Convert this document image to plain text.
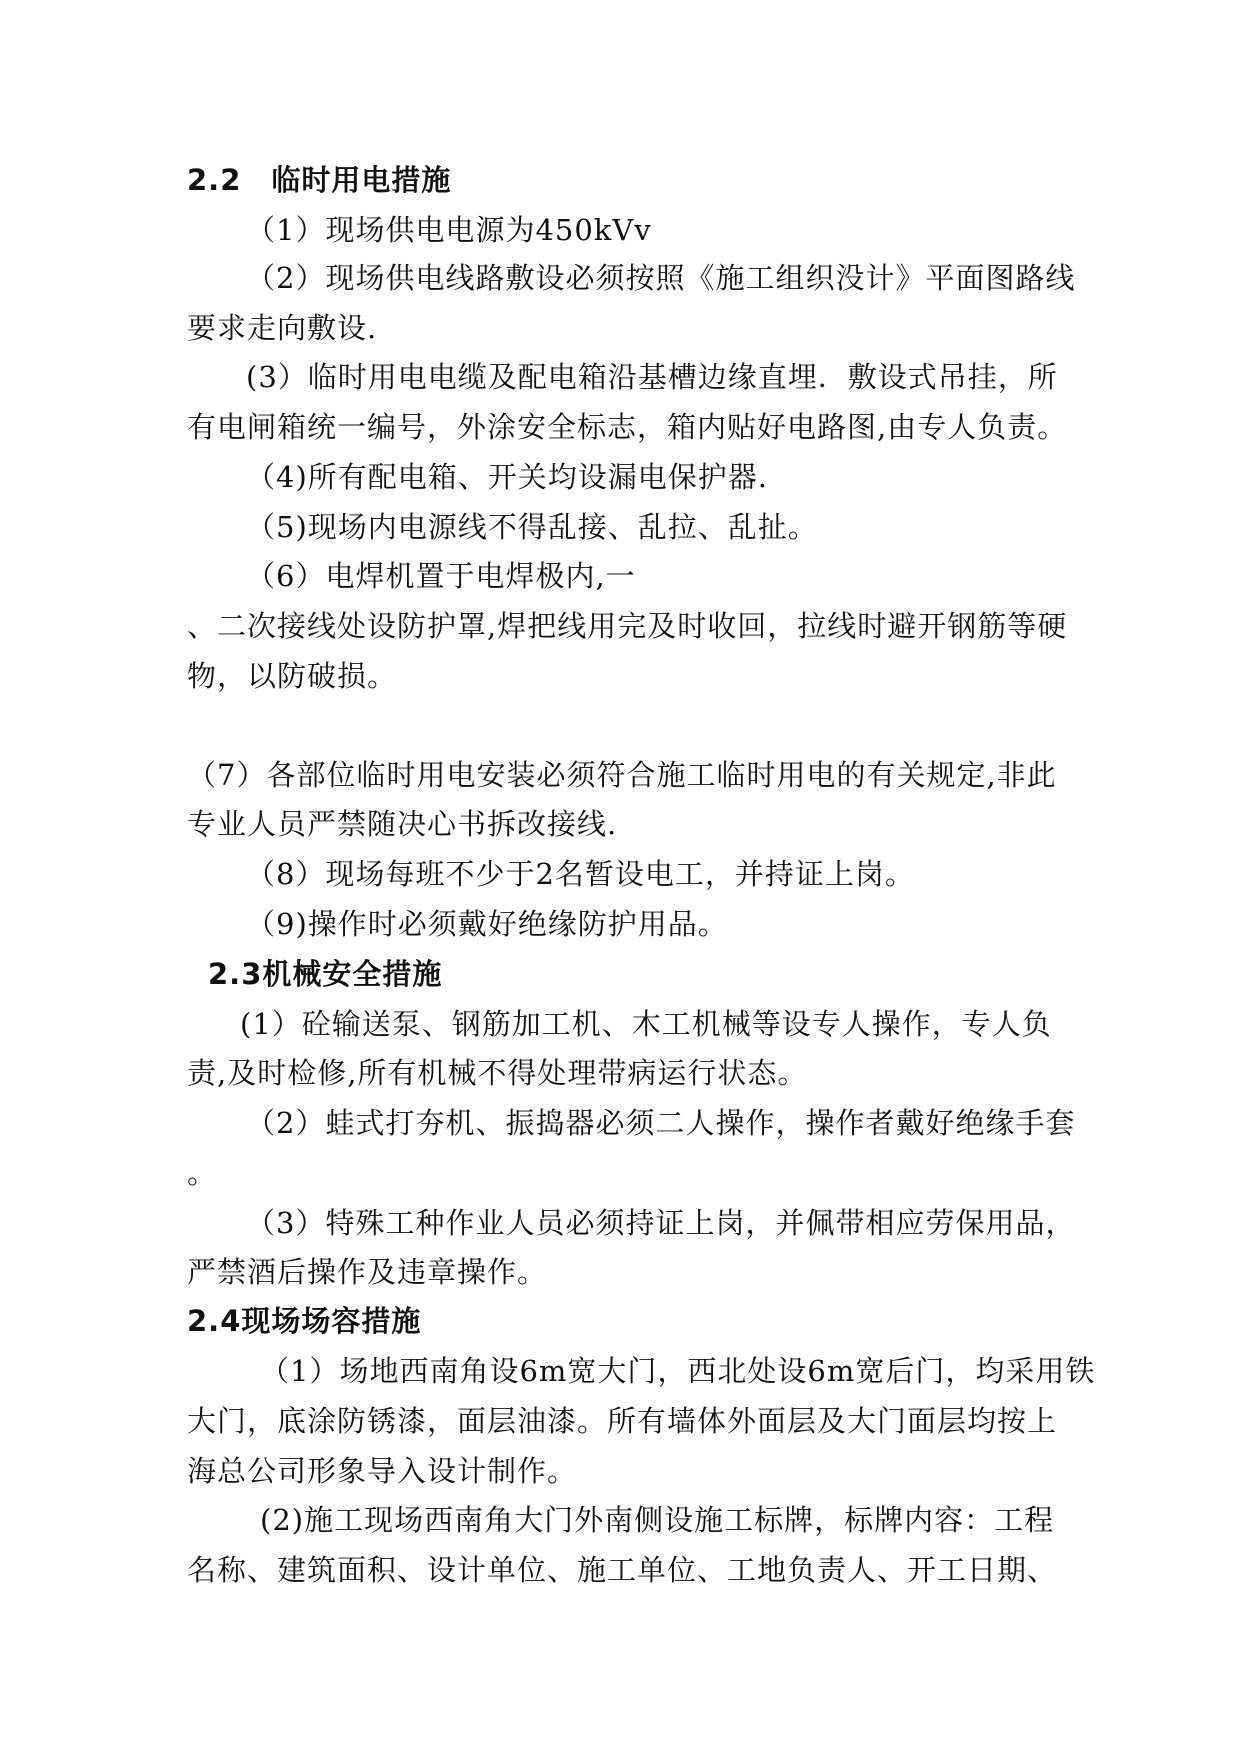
2.2　临时用电措施

（1）现场供电电源为450kVv

（2）现场供电线路敷设必须按照《施工组织没计》平面图路线

要求走向敷设.

(3）临时用电电缆及配电箱沿基槽边缘直埋．敷设式吊挂，所

有电闸箱统一编号，外涂安全标志，箱内贴好电路图,由专人负责。

（4)所有配电箱、开关均设漏电保护器.

（5)现场内电源线不得乱接、乱拉、乱扯。

（6）电焊机置于电焊极内,一

、二次接线处设防护罩,焊把线用完及时收回，拉线时避开钢筋等硬

物，以防破损。

（7）各部位临时用电安装必须符合施工临时用电的有关规定,非此

专业人员严禁随决心书拆改接线.

（8）现场每班不少于2名暂设电工，并持证上岗。

（9)操作时必须戴好绝缘防护用品。

2.3机械安全措施

(1）砼输送泵、钢筋加工机、木工机械等设专人操作，专人负

责,及时检修,所有机械不得处理带病运行状态。

（2）蛙式打夯机、振捣器必须二人操作，操作者戴好绝缘手套

。

（3）特殊工种作业人员必须持证上岗，并佩带相应劳保用品，

严禁酒后操作及违章操作。

2.4现场场容措施

（1）场地西南角设6m宽大门，西北处设6m宽后门，均采用铁

大门，底涂防锈漆，面层油漆。所有墙体外面层及大门面层均按上

海总公司形象导入设计制作。

(2)施工现场西南角大门外南侧设施工标牌，标牌内容：工程

名称、建筑面积、设计单位、施工单位、工地负责人、开工日期、
